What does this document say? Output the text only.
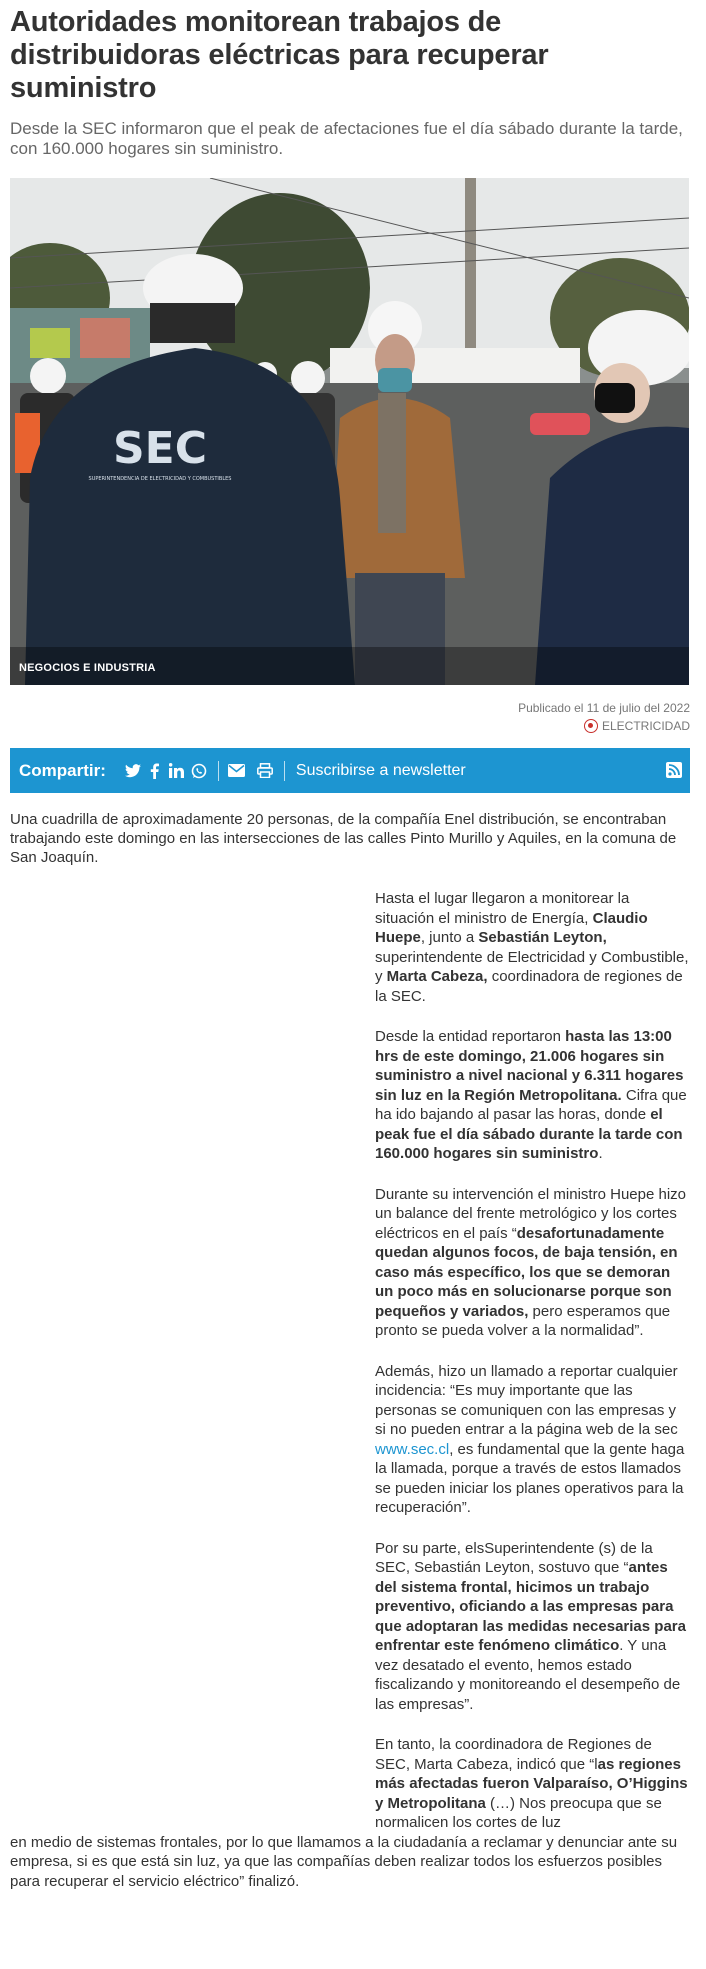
Autoridades monitorean trabajos de distribuidoras eléctricas para recuperar suministro
Desde la SEC informaron que el peak de afectaciones fue el día sábado durante la tarde, con 160.000 hogares sin suministro.
SEC
SUPERINTENDENCIA DE ELECTRICIDAD Y COMBUSTIBLES
NEGOCIOS E INDUSTRIA
Publicado el 11 de julio del 2022
ELECTRICIDAD
Compartir:	Suscribirse a newsletter
Una cuadrilla de aproximadamente 20 personas, de la compañía Enel distribución, se encontraban trabajando este domingo en las intersecciones de las calles Pinto Murillo y Aquiles, en la comuna de San Joaquín.

Hasta el lugar llegaron a monitorear la situación el ministro de Energía, Claudio Huepe, junto a Sebastián Leyton, superintendente de Electricidad y Combustible, y Marta Cabeza, coordinadora de regiones de la SEC.

Desde la entidad reportaron hasta las 13:00 hrs de este domingo, 21.006 hogares sin suministro a nivel nacional y 6.311 hogares sin luz en la Región Metropolitana. Cifra que ha ido bajando al pasar las horas, donde el peak fue el día sábado durante la tarde con 160.000 hogares sin suministro.

Durante su intervención el ministro Huepe hizo un balance del frente metrológico y los cortes eléctricos en el país “desafortunadamente quedan algunos focos, de baja tensión, en caso más específico, los que se demoran un poco más en solucionarse porque son pequeños y variados, pero esperamos que pronto se pueda volver a la normalidad”.

Además, hizo un llamado a reportar cualquier incidencia: “Es muy importante que las personas se comuniquen con las empresas y si no pueden entrar a la página web de la sec www.sec.cl, es fundamental que la gente haga la llamada, porque a través de estos llamados se pueden iniciar los planes operativos para la recuperación”.

Por su parte, elsSuperintendente (s) de la SEC, Sebastián Leyton, sostuvo que “antes del sistema frontal, hicimos un trabajo preventivo, oficiando a las empresas para que adoptaran las medidas necesarias para enfrentar este fenómeno climático. Y una vez desatado el evento, hemos estado fiscalizando y monitoreando el desempeño de las empresas”.

En tanto, la coordinadora de Regiones de SEC, Marta Cabeza, indicó que “las regiones más afectadas fueron Valparaíso, O’Higgins y Metropolitana (…) Nos preocupa que se normalicen los cortes de luz

en medio de sistemas frontales, por lo que llamamos a la ciudadanía a reclamar y denunciar ante su empresa, si es que está sin luz, ya que las compañías deben realizar todos los esfuerzos posibles para recuperar el servicio eléctrico” finalizó.
